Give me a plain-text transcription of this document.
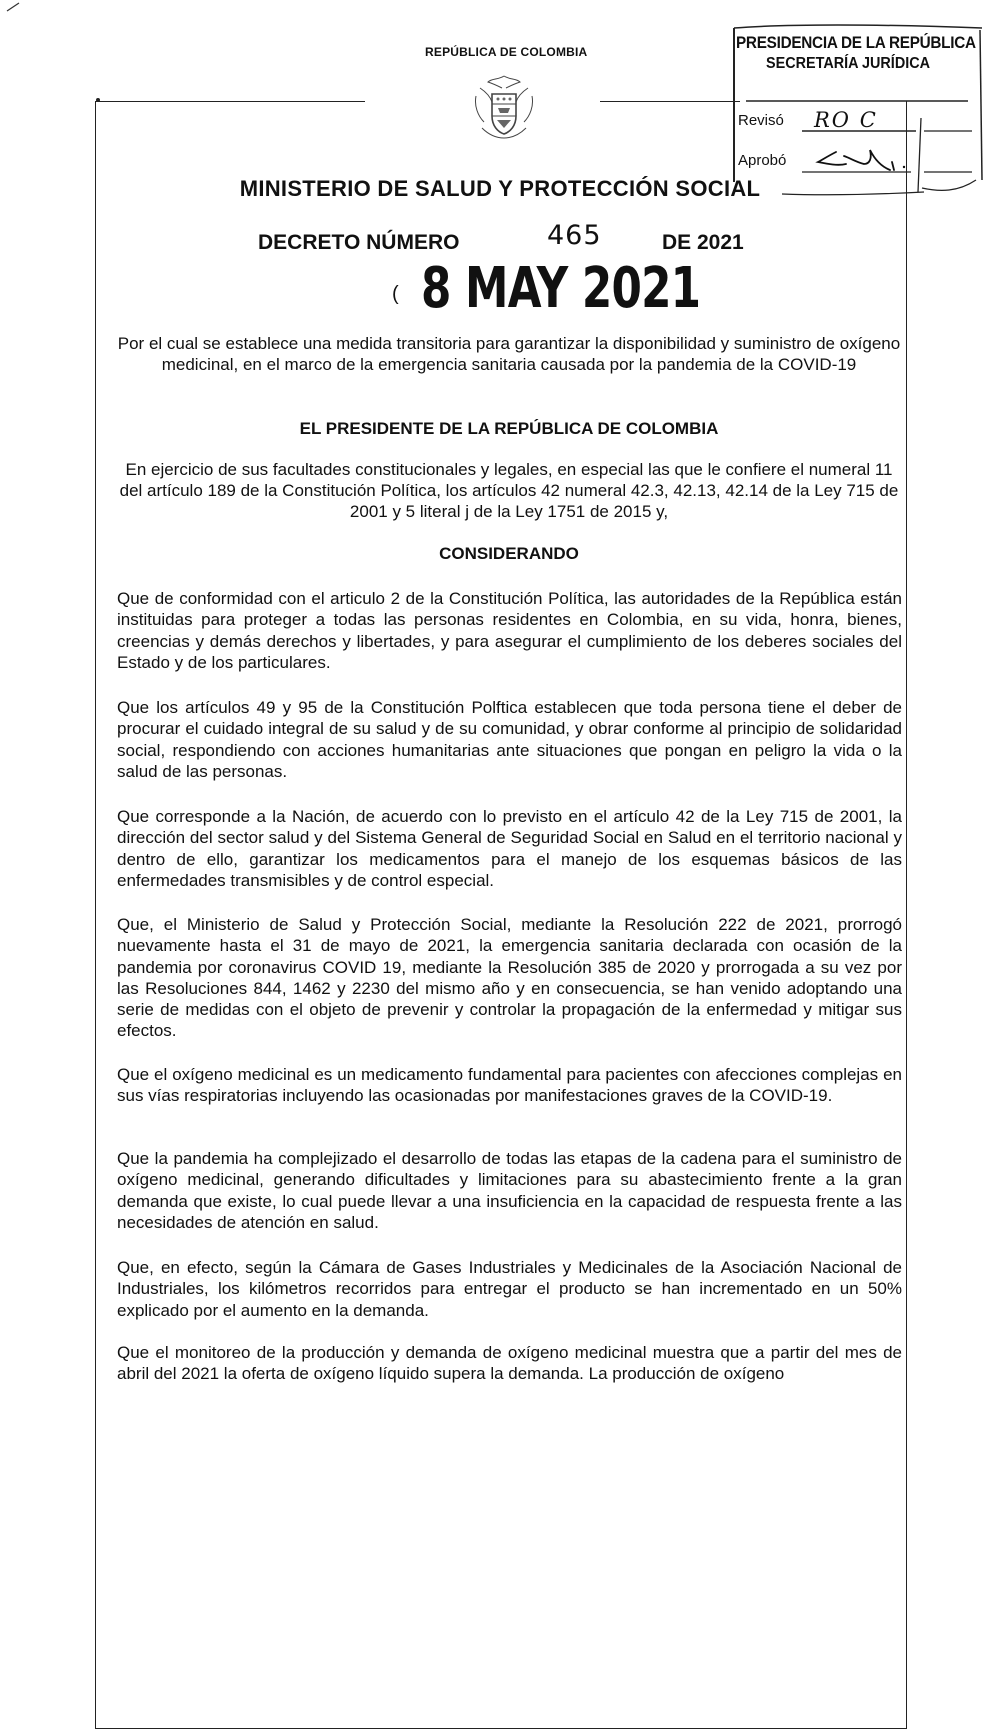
REPÚBLICA DE COLOMBIA	PRESIDENCIA DE LA REPÚBLICA
SECRETARÍA JURÍDICA
Revisó RO C
Aprobó
MINISTERIO DE SALUD Y PROTECCIÓN SOCIAL
DECRETO NÚMERO	465	DE 2021
( 8 MAY 2021
Por el cual se establece una medida transitoria para garantizar la disponibilidad y suministro de oxígeno medicinal, en el marco de la emergencia sanitaria causada por la pandemia de la COVID-19
EL PRESIDENTE DE LA REPÚBLICA DE COLOMBIA
En ejercicio de sus facultades constitucionales y legales, en especial las que le confiere el numeral 11 del artículo 189 de la Constitución Política, los artículos 42 numeral 42.3, 42.13, 42.14 de la Ley 715 de 2001 y 5 literal j de la Ley 1751 de 2015 y,
CONSIDERANDO
Que de conformidad con el articulo 2 de la Constitución Política, las autoridades de la República están instituidas para proteger a todas las personas residentes en Colombia, en su vida, honra, bienes, creencias y demás derechos y libertades, y para asegurar el cumplimiento de los deberes sociales del Estado y de los particulares.
Que los artículos 49 y 95 de la Constitución Polftica establecen que toda persona tiene el deber de procurar el cuidado integral de su salud y de su comunidad, y obrar conforme al principio de solidaridad social, respondiendo con acciones humanitarias ante situaciones que pongan en peligro la vida o la salud de las personas.
Que corresponde a la Nación, de acuerdo con lo previsto en el artículo 42 de la Ley 715 de 2001, la dirección del sector salud y del Sistema General de Seguridad Social en Salud en el territorio nacional y dentro de ello, garantizar los medicamentos para el manejo de los esquemas básicos de las enfermedades transmisibles y de control especial.
Que, el Ministerio de Salud y Protección Social, mediante la Resolución 222 de 2021, prorrogó nuevamente hasta el 31 de mayo de 2021, la emergencia sanitaria declarada con ocasión de la pandemia por coronavirus COVID 19, mediante la Resolución 385 de 2020 y prorrogada a su vez por las Resoluciones 844, 1462 y 2230 del mismo año y en consecuencia, se han venido adoptando una serie de medidas con el objeto de prevenir y controlar la propagación de la enfermedad y mitigar sus efectos.
Que el oxígeno medicinal es un medicamento fundamental para pacientes con afecciones complejas en sus vías respiratorias incluyendo las ocasionadas por manifestaciones graves de la COVID-19.
Que la pandemia ha complejizado el desarrollo de todas las etapas de la cadena para el suministro de oxígeno medicinal, generando dificultades y limitaciones para su abastecimiento frente a la gran demanda que existe, lo cual puede llevar a una insuficiencia en la capacidad de respuesta frente a las necesidades de atención en salud.
Que, en efecto, según la Cámara de Gases Industriales y Medicinales de la Asociación Nacional de Industriales, los kilómetros recorridos para entregar el producto se han incrementado en un 50% explicado por el aumento en la demanda.
Que el monitoreo de la producción y demanda de oxígeno medicinal muestra que a partir del mes de abril del 2021 la oferta de oxígeno líquido supera la demanda. La producción de oxígeno
